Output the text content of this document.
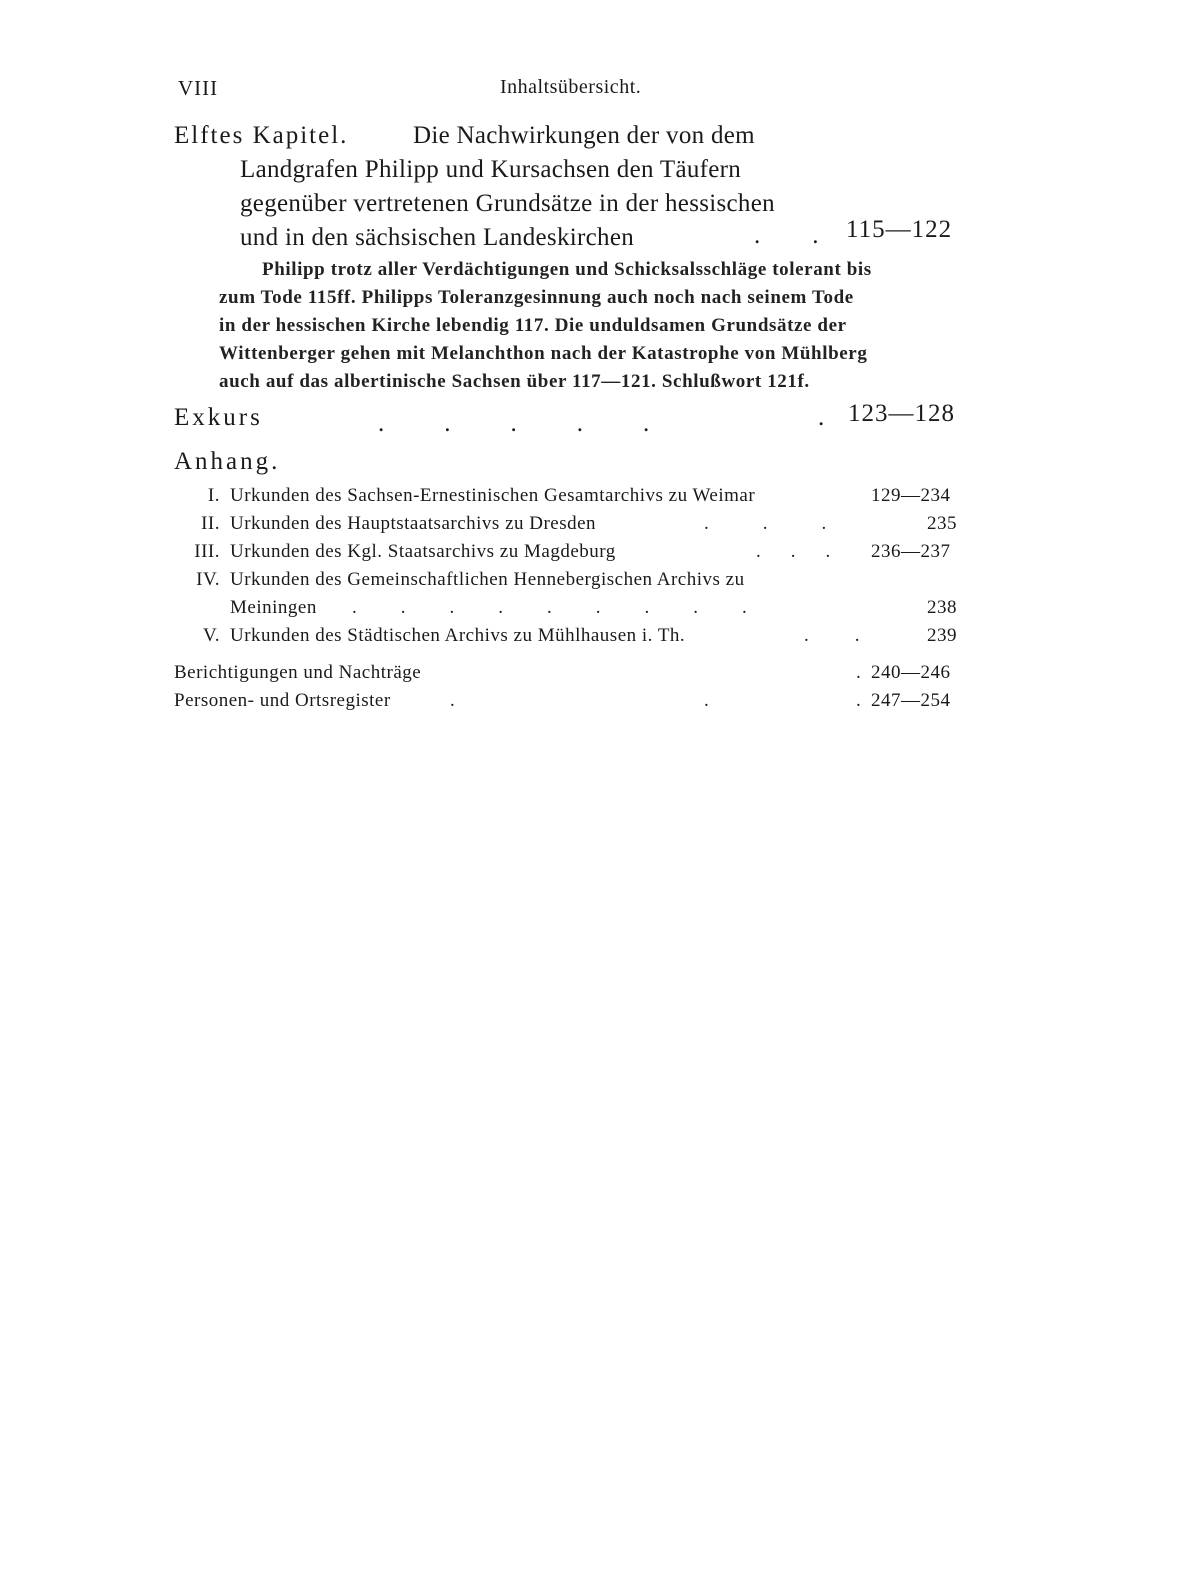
VIII	Inhaltsübersicht.
Elftes Kapitel.	Die Nachwirkungen der von dem
Landgrafen Philipp und Kursachsen den Täufern
gegenüber vertretenen Grundsätze in der hessischen
und in den sächsischen Landeskirchen	..
115—122
Philipp trotz aller Verdächtigungen und Schicksalsschläge tolerant bis
zum Tode 115ff. Philipps Toleranzgesinnung auch noch nach seinem Tode
in der hessischen Kirche lebendig 117. Die unduldsamen Grundsätze der
Wittenberger gehen mit Melanchthon nach der Katastrophe von Mühlberg
auch auf das albertinische Sachsen über 117—121. Schlußwort 121f.
Exkurs	.....	. 123—128
Anhang.
I. Urkunden des Sachsen-Ernestinischen Gesamtarchivs zu Weimar	129—234
II. Urkunden des Hauptstaatsarchivs zu Dresden	... 235
III. Urkunden des Kgl. Staatsarchivs zu Magdeburg	... 236—237
IV. Urkunden des Gemeinschaftlichen Hennebergischen Archivs zu
Meiningen .........	238
V. Urkunden des Städtischen Archivs zu Mühlhausen i. Th.	.. 239
Berichtigungen und Nachträge	. 240—246
Personen- und Ortsregister	.	.	. 247—254
